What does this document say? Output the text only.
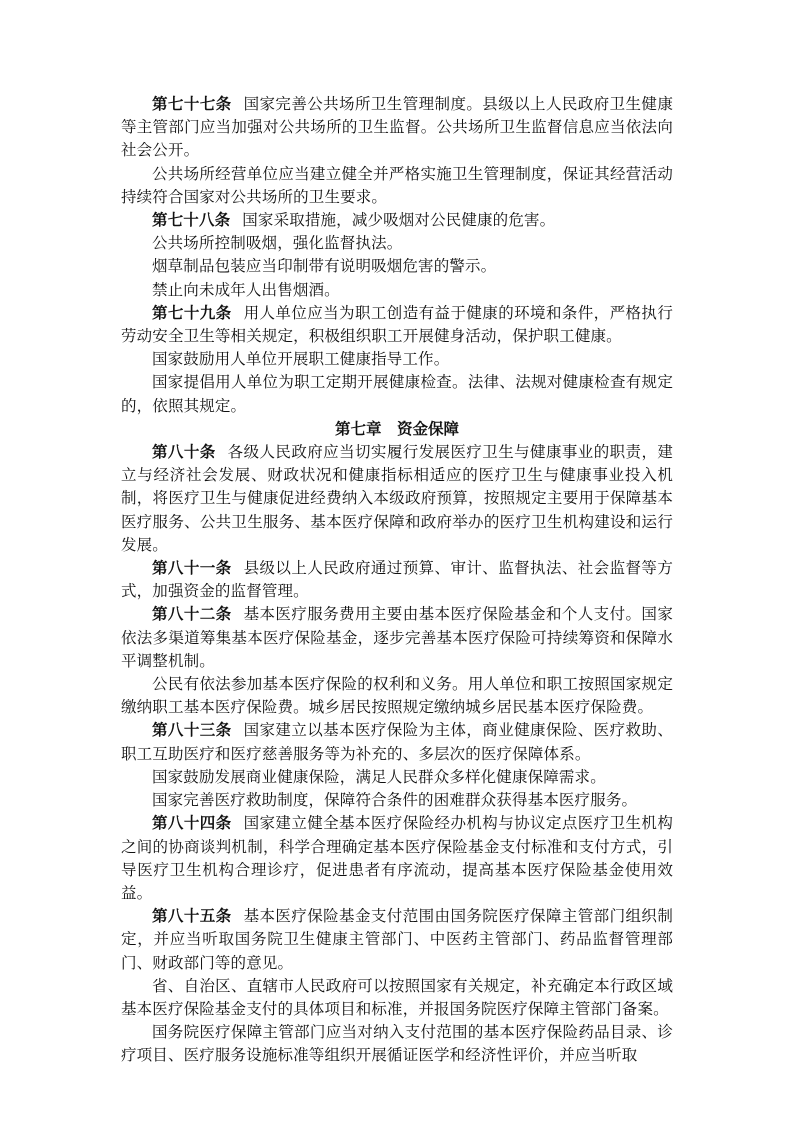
第七十七条 国家完善公共场所卫生管理制度。县级以上人民政府卫生健康等主管部门应当加强对公共场所的卫生监督。公共场所卫生监督信息应当依法向社会公开。

公共场所经营单位应当建立健全并严格实施卫生管理制度，保证其经营活动持续符合国家对公共场所的卫生要求。

第七十八条 国家采取措施，减少吸烟对公民健康的危害。

公共场所控制吸烟，强化监督执法。

烟草制品包装应当印制带有说明吸烟危害的警示。

禁止向未成年人出售烟酒。

第七十九条 用人单位应当为职工创造有益于健康的环境和条件，严格执行劳动安全卫生等相关规定，积极组织职工开展健身活动，保护职工健康。

国家鼓励用人单位开展职工健康指导工作。

国家提倡用人单位为职工定期开展健康检查。法律、法规对健康检查有规定的，依照其规定。

第七章　资金保障

第八十条 各级人民政府应当切实履行发展医疗卫生与健康事业的职责，建立与经济社会发展、财政状况和健康指标相适应的医疗卫生与健康事业投入机制，将医疗卫生与健康促进经费纳入本级政府预算，按照规定主要用于保障基本医疗服务、公共卫生服务、基本医疗保障和政府举办的医疗卫生机构建设和运行发展。

第八十一条 县级以上人民政府通过预算、审计、监督执法、社会监督等方式，加强资金的监督管理。

第八十二条 基本医疗服务费用主要由基本医疗保险基金和个人支付。国家依法多渠道筹集基本医疗保险基金，逐步完善基本医疗保险可持续筹资和保障水平调整机制。

公民有依法参加基本医疗保险的权利和义务。用人单位和职工按照国家规定缴纳职工基本医疗保险费。城乡居民按照规定缴纳城乡居民基本医疗保险费。

第八十三条 国家建立以基本医疗保险为主体，商业健康保险、医疗救助、职工互助医疗和医疗慈善服务等为补充的、多层次的医疗保障体系。

国家鼓励发展商业健康保险，满足人民群众多样化健康保障需求。

国家完善医疗救助制度，保障符合条件的困难群众获得基本医疗服务。

第八十四条 国家建立健全基本医疗保险经办机构与协议定点医疗卫生机构之间的协商谈判机制，科学合理确定基本医疗保险基金支付标准和支付方式，引导医疗卫生机构合理诊疗，促进患者有序流动，提高基本医疗保险基金使用效益。

第八十五条 基本医疗保险基金支付范围由国务院医疗保障主管部门组织制定，并应当听取国务院卫生健康主管部门、中医药主管部门、药品监督管理部门、财政部门等的意见。

省、自治区、直辖市人民政府可以按照国家有关规定，补充确定本行政区域基本医疗保险基金支付的具体项目和标准，并报国务院医疗保障主管部门备案。

国务院医疗保障主管部门应当对纳入支付范围的基本医疗保险药品目录、诊疗项目、医疗服务设施标准等组织开展循证医学和经济性评价，并应当听取
